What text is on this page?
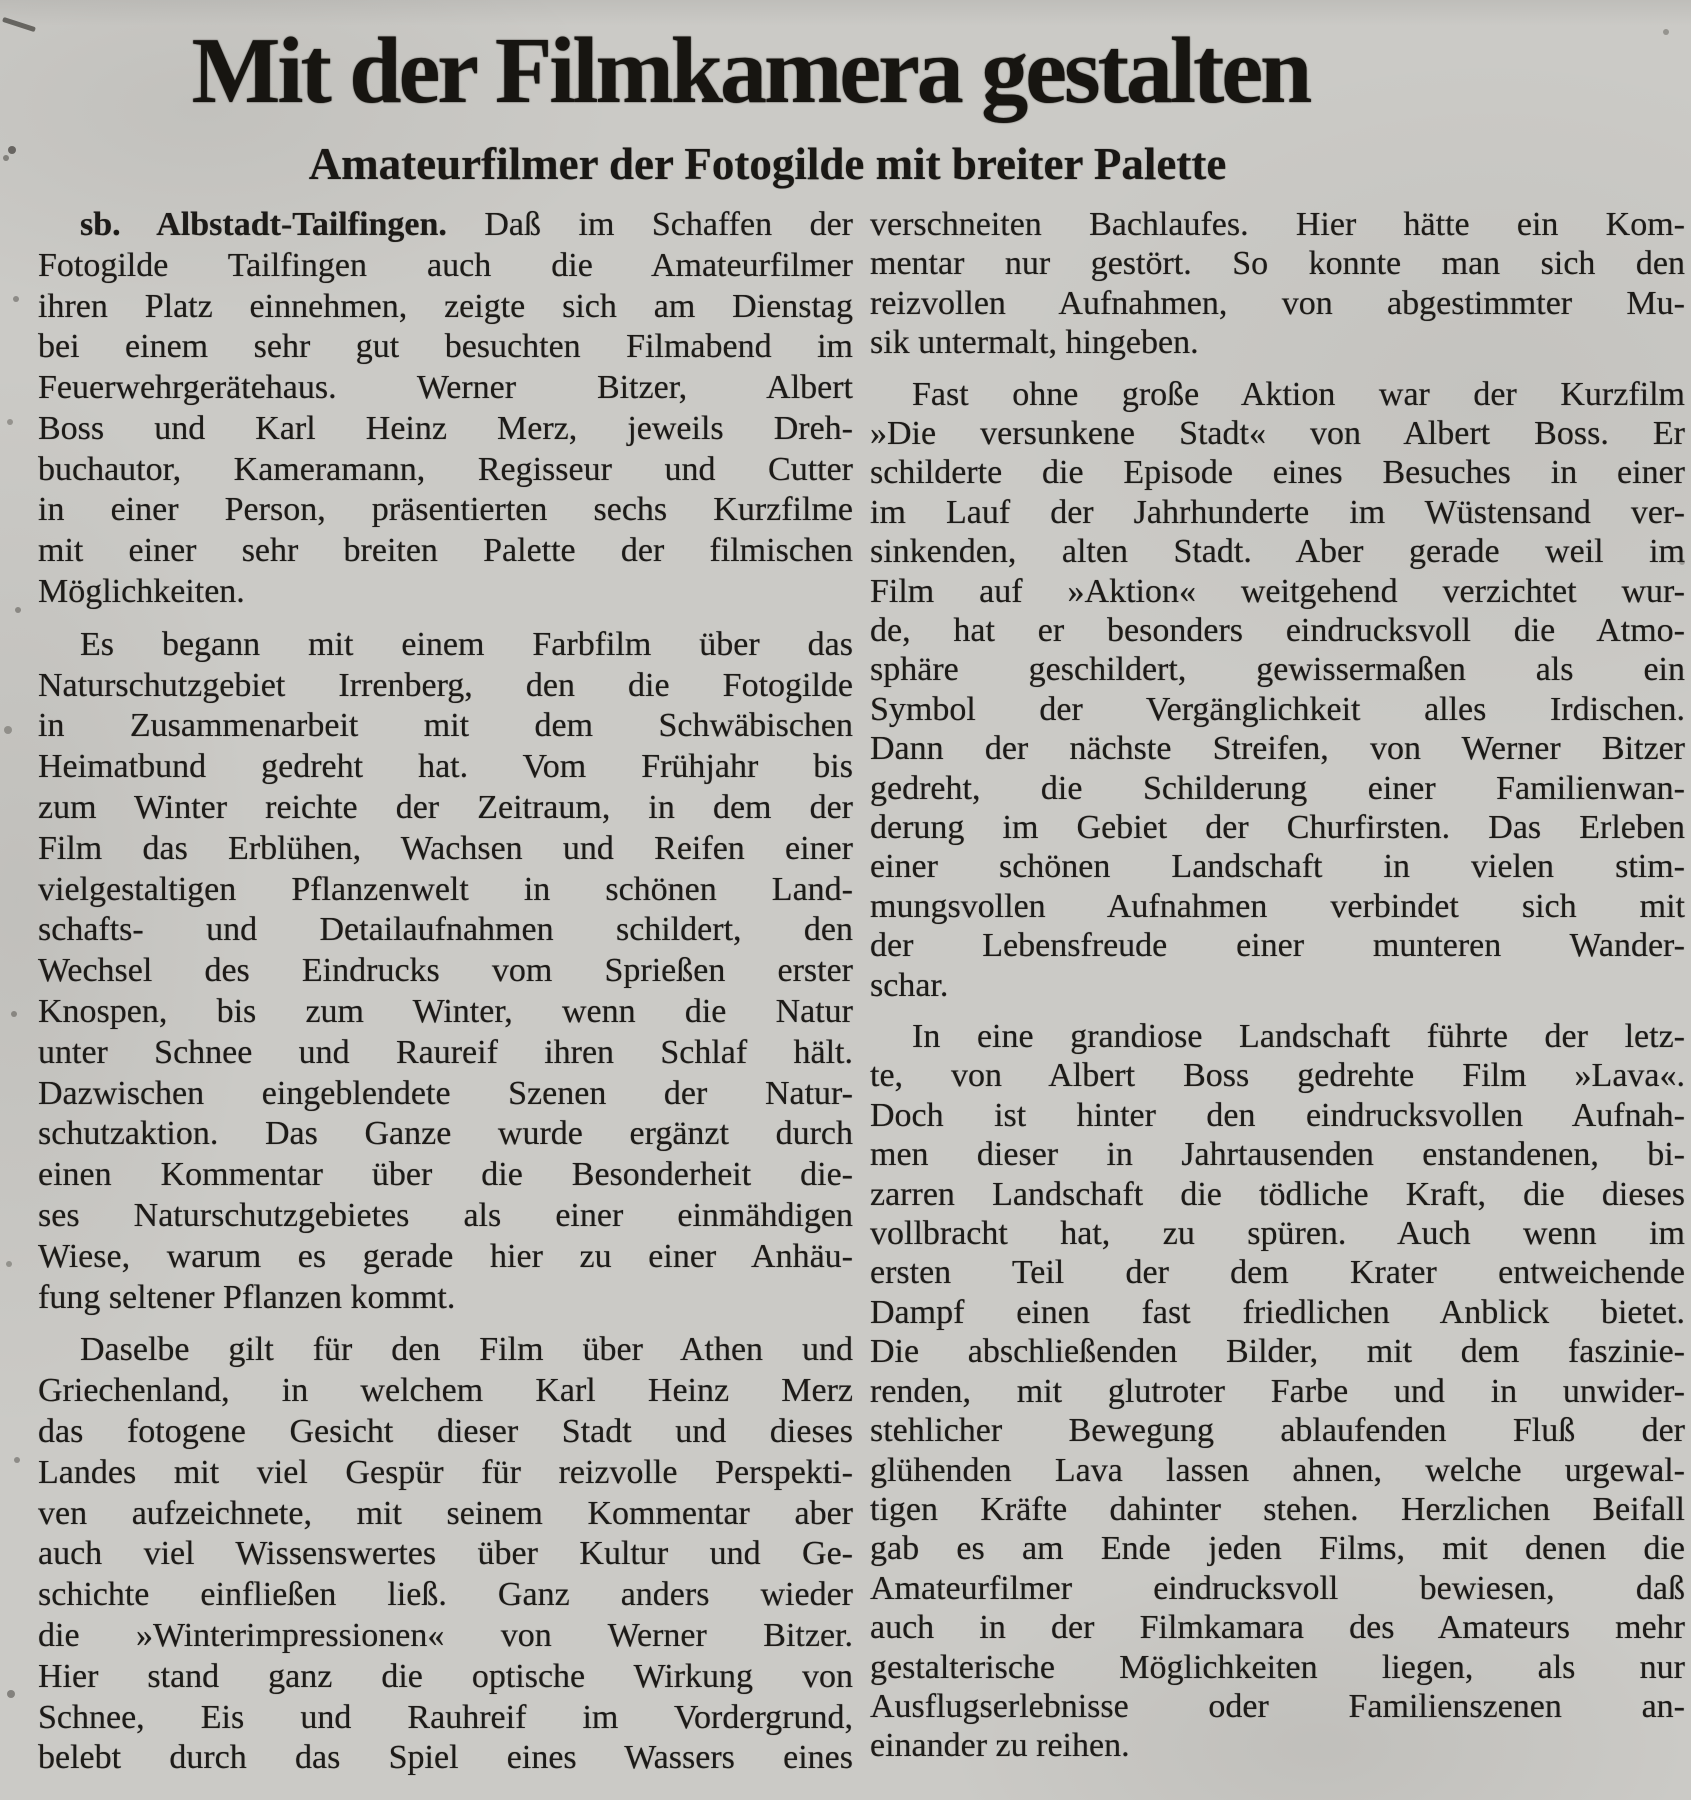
Mit der Filmkamera gestalten
Amateurfilmer der Fotogilde mit breiter Palette
sb. Albstadt-Tailfingen. Daß im Schaffen der
Fotogilde Tailfingen auch die Amateurfilmer
ihren Platz einnehmen, zeigte sich am Dienstag
bei einem sehr gut besuchten Filmabend im
Feuerwehrgerätehaus. Werner Bitzer, Albert
Boss und Karl Heinz Merz, jeweils Dreh-
buchautor, Kameramann, Regisseur und Cutter
in einer Person, präsentierten sechs Kurzfilme
mit einer sehr breiten Palette der filmischen
Möglichkeiten.
Es begann mit einem Farbfilm über das
Naturschutzgebiet Irrenberg, den die Fotogilde
in Zusammenarbeit mit dem Schwäbischen
Heimatbund gedreht hat. Vom Frühjahr bis
zum Winter reichte der Zeitraum, in dem der
Film das Erblühen, Wachsen und Reifen einer
vielgestaltigen Pflanzenwelt in schönen Land-
schafts- und Detailaufnahmen schildert, den
Wechsel des Eindrucks vom Sprießen erster
Knospen, bis zum Winter, wenn die Natur
unter Schnee und Raureif ihren Schlaf hält.
Dazwischen eingeblendete Szenen der Natur-
schutzaktion. Das Ganze wurde ergänzt durch
einen Kommentar über die Besonderheit die-
ses Naturschutzgebietes als einer einmähdigen
Wiese, warum es gerade hier zu einer Anhäu-
fung seltener Pflanzen kommt.
Daselbe gilt für den Film über Athen und
Griechenland, in welchem Karl Heinz Merz
das fotogene Gesicht dieser Stadt und dieses
Landes mit viel Gespür für reizvolle Perspekti-
ven aufzeichnete, mit seinem Kommentar aber
auch viel Wissenswertes über Kultur und Ge-
schichte einfließen ließ. Ganz anders wieder
die »Winterimpressionen« von Werner Bitzer.
Hier stand ganz die optische Wirkung von
Schnee, Eis und Rauhreif im Vordergrund,
belebt durch das Spiel eines Wassers eines
verschneiten Bachlaufes. Hier hätte ein Kom-
mentar nur gestört. So konnte man sich den
reizvollen Aufnahmen, von abgestimmter Mu-
sik untermalt, hingeben.
Fast ohne große Aktion war der Kurzfilm
»Die versunkene Stadt« von Albert Boss. Er
schilderte die Episode eines Besuches in einer
im Lauf der Jahrhunderte im Wüstensand ver-
sinkenden, alten Stadt. Aber gerade weil im
Film auf »Aktion« weitgehend verzichtet wur-
de, hat er besonders eindrucksvoll die Atmo-
sphäre geschildert, gewissermaßen als ein
Symbol der Vergänglichkeit alles Irdischen.
Dann der nächste Streifen, von Werner Bitzer
gedreht, die Schilderung einer Familienwan-
derung im Gebiet der Churfirsten. Das Erleben
einer schönen Landschaft in vielen stim-
mungsvollen Aufnahmen verbindet sich mit
der Lebensfreude einer munteren Wander-
schar.
In eine grandiose Landschaft führte der letz-
te, von Albert Boss gedrehte Film »Lava«.
Doch ist hinter den eindrucksvollen Aufnah-
men dieser in Jahrtausenden enstandenen, bi-
zarren Landschaft die tödliche Kraft, die dieses
vollbracht hat, zu spüren. Auch wenn im
ersten Teil der dem Krater entweichende
Dampf einen fast friedlichen Anblick bietet.
Die abschließenden Bilder, mit dem faszinie-
renden, mit glutroter Farbe und in unwider-
stehlicher Bewegung ablaufenden Fluß der
glühenden Lava lassen ahnen, welche urgewal-
tigen Kräfte dahinter stehen. Herzlichen Beifall
gab es am Ende jeden Films, mit denen die
Amateurfilmer eindrucksvoll bewiesen, daß
auch in der Filmkamara des Amateurs mehr
gestalterische Möglichkeiten liegen, als nur
Ausflugserlebnisse oder Familienszenen an-
einander zu reihen.
